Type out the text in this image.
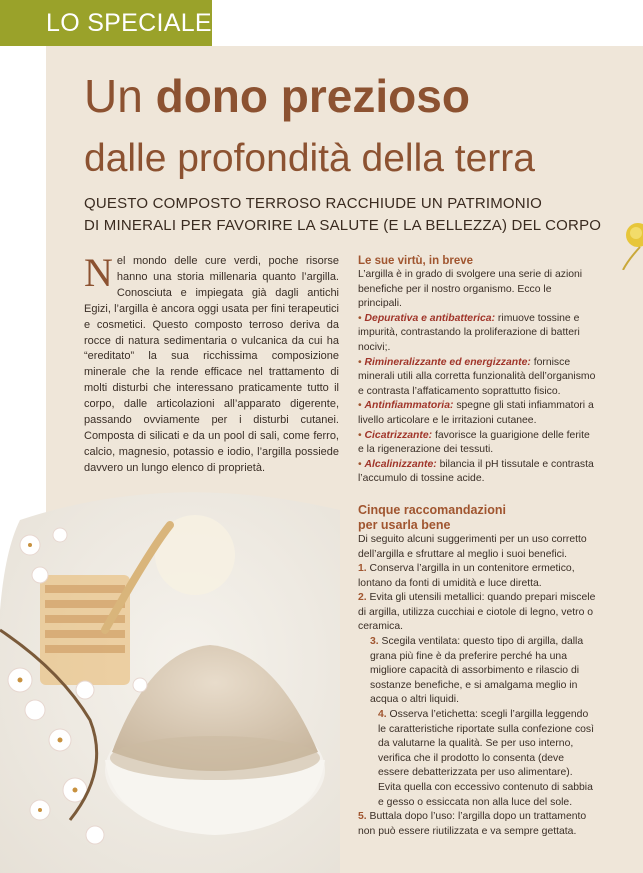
LO SPECIALE
Un dono prezioso
dalle profondità della terra
QUESTO COMPOSTO TERROSO RACCHIUDE UN PATRIMONIO
DI MINERALI PER FAVORIRE LA SALUTE (E LA BELLEZZA) DEL CORPO
Nel mondo delle cure verdi, poche risorse hanno una storia millenaria quanto l’argilla. Conosciuta e impiegata già dagli antichi Egizi, l’argilla è ancora oggi usata per fini terapeutici e cosmetici. Questo composto terroso deriva da rocce di natura sedimentaria o vulcanica da cui ha “ereditato” la sua ricchissima composizione minerale che la rende efficace nel trattamento di molti disturbi che interessano praticamente tutto il corpo, dalle articolazioni all’apparato digerente, passando ovviamente per i disturbi cutanei. Composta di silicati e da un pool di sali, come ferro, calcio, magnesio, potassio e iodio, l’argilla possiede davvero un lungo elenco di proprietà.
Le sue virtù, in breve

L’argilla è in grado di svolgere una serie di azioni benefiche per il nostro organismo. Ecco le principali.

• Depurativa e antibatterica: rimuove tossine e impurità, contrastando la proliferazione di batteri nocivi;.

• Rimineralizzante ed energizzante: fornisce minerali utili alla corretta funzionalità dell’organismo e contrasta l’affaticamento soprattutto fisico.

• Antinfiammatoria: spegne gli stati infiammatori a livello articolare e le irritazioni cutanee.

• Cicatrizzante: favorisce la guarigione delle ferite e la rigenerazione dei tessuti.

• Alcalinizzante: bilancia il pH tissutale e contrasta l’accumulo di tossine acide.

Cinque raccomandazioni
per usarla bene

Di seguito alcuni suggerimenti per un uso corretto dell’argilla e sfruttare al meglio i suoi benefici.

1. Conserva l’argilla in un contenitore ermetico, lontano da fonti di umidità e luce diretta.

2. Evita gli utensili metallici: quando prepari miscele di argilla, utilizza cucchiai e ciotole di legno, vetro o ceramica.

3. Scegila ventilata: questo tipo di argilla, dalla grana più fine è da preferire perché ha una migliore capacità di assorbimento e rilascio di sostanze benefiche, e si amalgama meglio in acqua o altri liquidi.

4. Osserva l’etichetta: scegli l’argilla leggendo le caratteristiche riportate sulla confezione così da valutarne la qualità. Se per uso interno, verifica che il prodotto lo consenta (deve essere debatterizzata per uso alimentare). Evita quella con eccessivo contenuto di sabbia e gesso o essiccata non alla luce del sole.

5. Buttala dopo l’uso: l’argilla dopo un trattamento non può essere riutilizzata e va sempre gettata.
